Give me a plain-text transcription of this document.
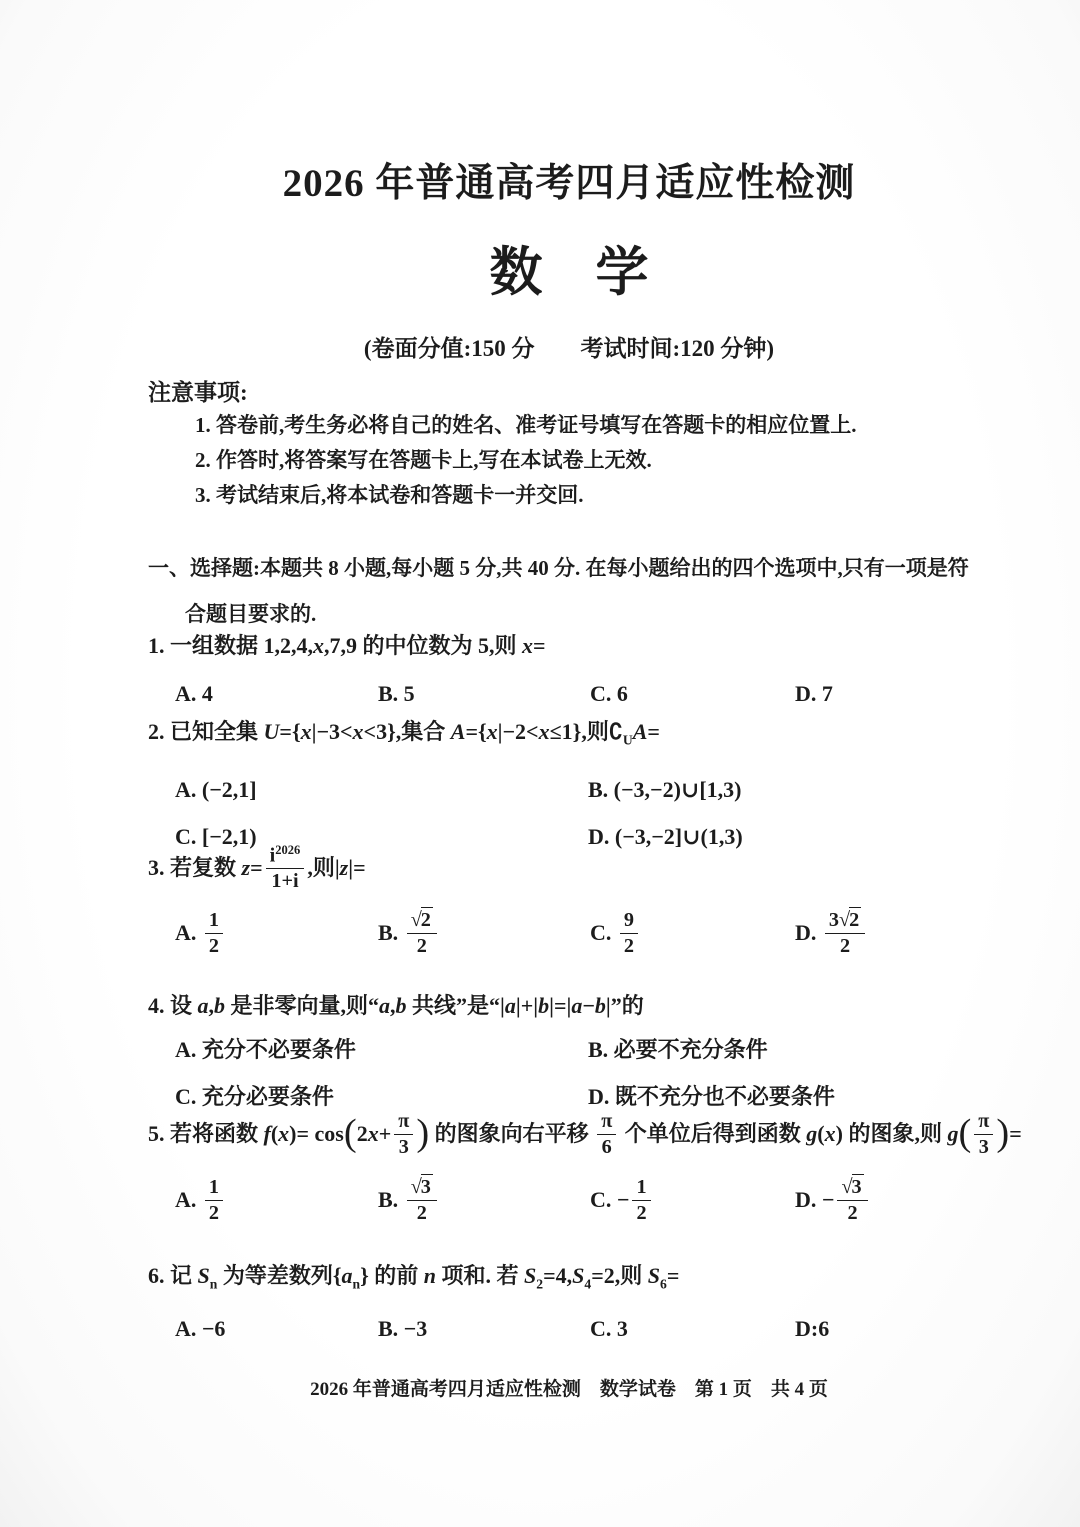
2026 年普通高考四月适应性检测
数　学
(卷面分值:150 分　　考试时间:120 分钟)
注意事项:
1. 答卷前,考生务必将自己的姓名、准考证号填写在答题卡的相应位置上.
2. 作答时,将答案写在答题卡上,写在本试卷上无效.
3. 考试结束后,将本试卷和答题卡一并交回.
一、选择题:本题共 8 小题,每小题 5 分,共 40 分. 在每小题给出的四个选项中,只有一项是符
合题目要求的.
1. 一组数据 1,2,4,x,7,9 的中位数为 5,则 x=
A. 4	B. 5	C. 6	D. 7
2. 已知全集 U={x|−3<x<3},集合 A={x|−2<x≤1},则$∁_UA=$
A. (−2,1]	B. (−3,−2)∪[1,3)
C. [−2,1)	D. (−3,−2]∪(1,3)
3. 若复数 $z= \frac{i^{2026}}{1+i}$ ,则|z|=
A. $\frac{1}{2}$	B. $\frac{√2}{2}$	C. $\frac{9}{2}$	D. $\frac{3√2}{2}$
4. 设 a,b 是非零向量,则“a,b 共线”是“|a|+|b|=|a−b|”的
A. 充分不必要条件	B. 必要不充分条件
C. 充分必要条件	D. 既不充分也不必要条件
5. 若将函数 $f(x)= \cos(2x+ \frac{\pi}{3}$ ) 的图象向右平移 $\frac{\pi}{6}$ 个单位后得到函数 g(x) 的图象,则 $g( \frac{\pi}{3}$ )=
A. $\frac{1}{2}$	B. $\frac{√3}{2}$	C. − $\frac{1}{2}$	D. − $\frac{√3}{2}$
6. 记 $S_n$ 为等差数列$\{a_n\}$ 的前 n 项和. 若 $S_2=4,S_4=2$,则 $S_6=$
A. −6	B. −3	C. 3	D:6
2026 年普通高考四月适应性检测　数学试卷　第 1 页　共 4 页
